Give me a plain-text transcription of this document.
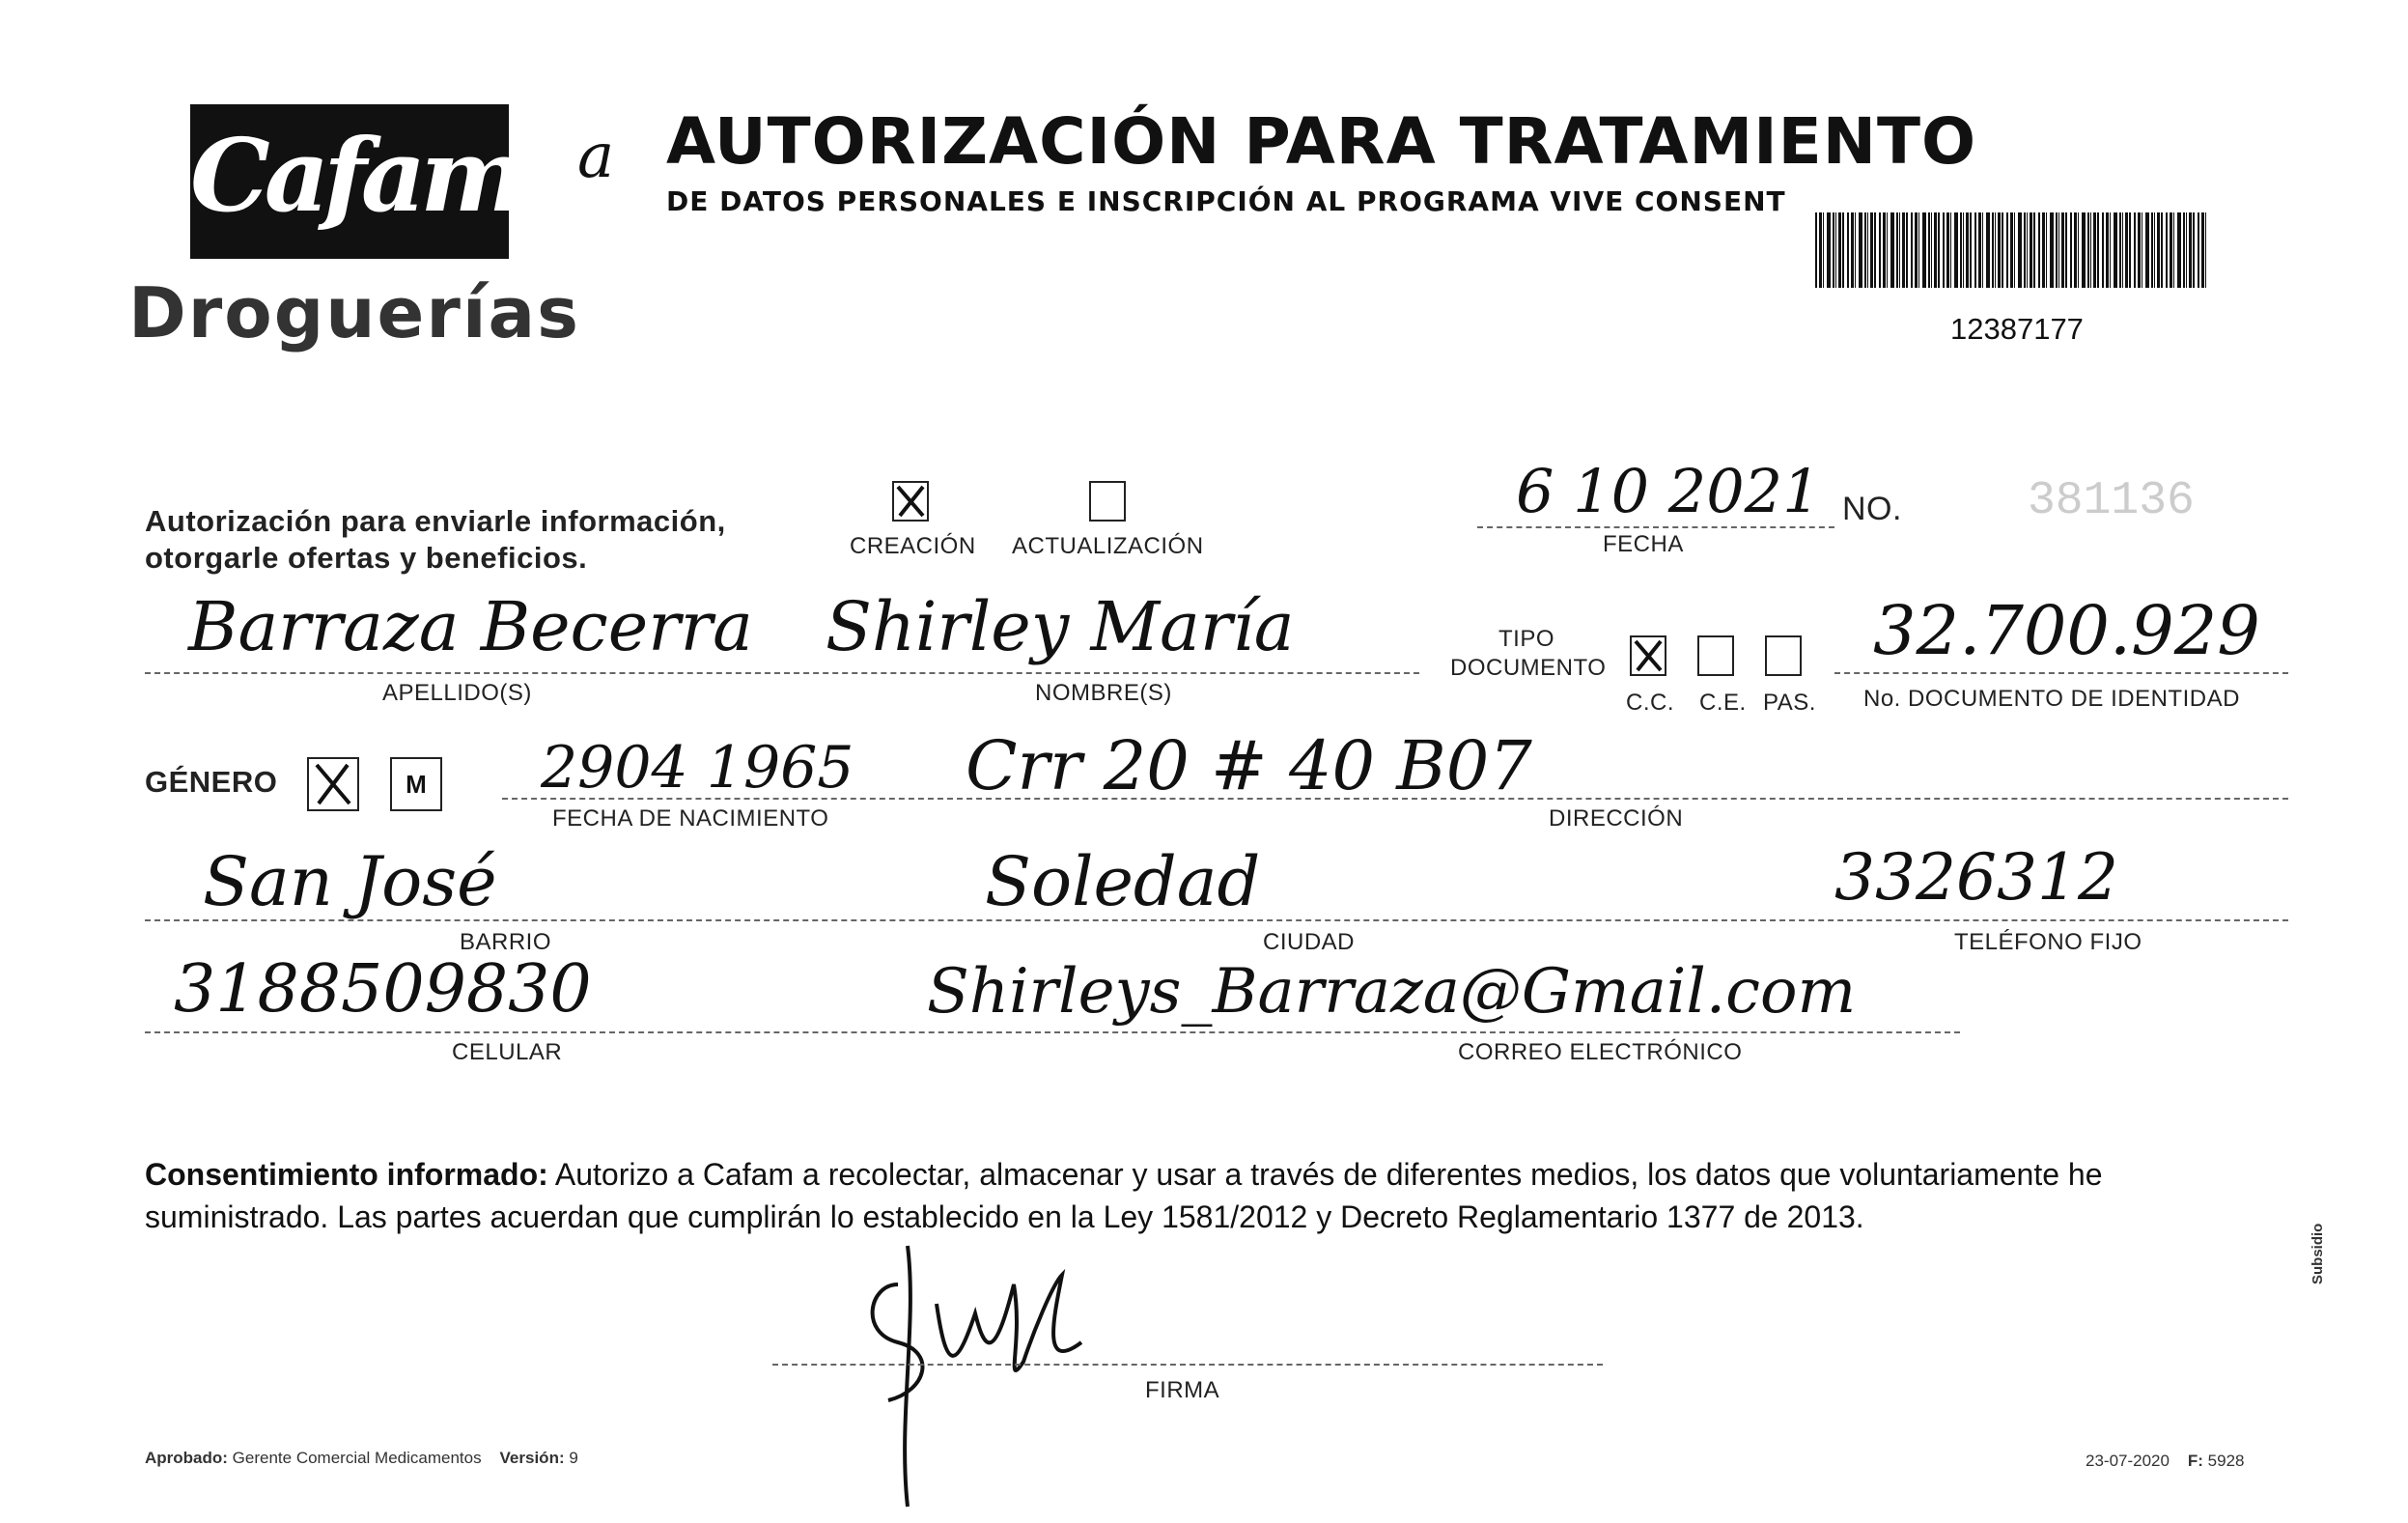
Cafam
Droguerías
a AUTORIZACIÓN PARA TRATAMIENTO
DE DATOS PERSONALES E INSCRIPCIÓN AL PROGRAMA VIVE CONSENT
12387177
Autorización para enviarle información,
otorgarle ofertas y beneficios.	CREACIÓN ACTUALIZACIÓN
6 10 2021
FECHA
NO.	381136
Barraza Becerra Shirley María
APELLIDO(S)	NOMBRE(S)
TIPO
DOCUMENTO
C.C. C.E. PAS.
32.700.929
No. DOCUMENTO DE IDENTIDAD
GÉNERO	M 2904 1965
FECHA DE NACIMIENTO
Crr 20 # 40 B07
DIRECCIÓN
San José	Soledad	3326312
BARRIO	CIUDAD	TELÉFONO FIJO
3188509830	Shirleys_Barraza@Gmail.com
CELULAR	CORREO ELECTRÓNICO
Consentimiento informado: Autorizo a Cafam a recolectar, almacenar y usar a través de diferentes medios, los datos que voluntariamente he
suministrado. Las partes acuerdan que cumplirán lo establecido en la Ley 1581/2012 y Decreto Reglamentario 1377 de 2013.
FIRMA
Aprobado: Gerente Comercial Medicamentos Versión: 9	23-07-2020 F: 5928
Subsidio
